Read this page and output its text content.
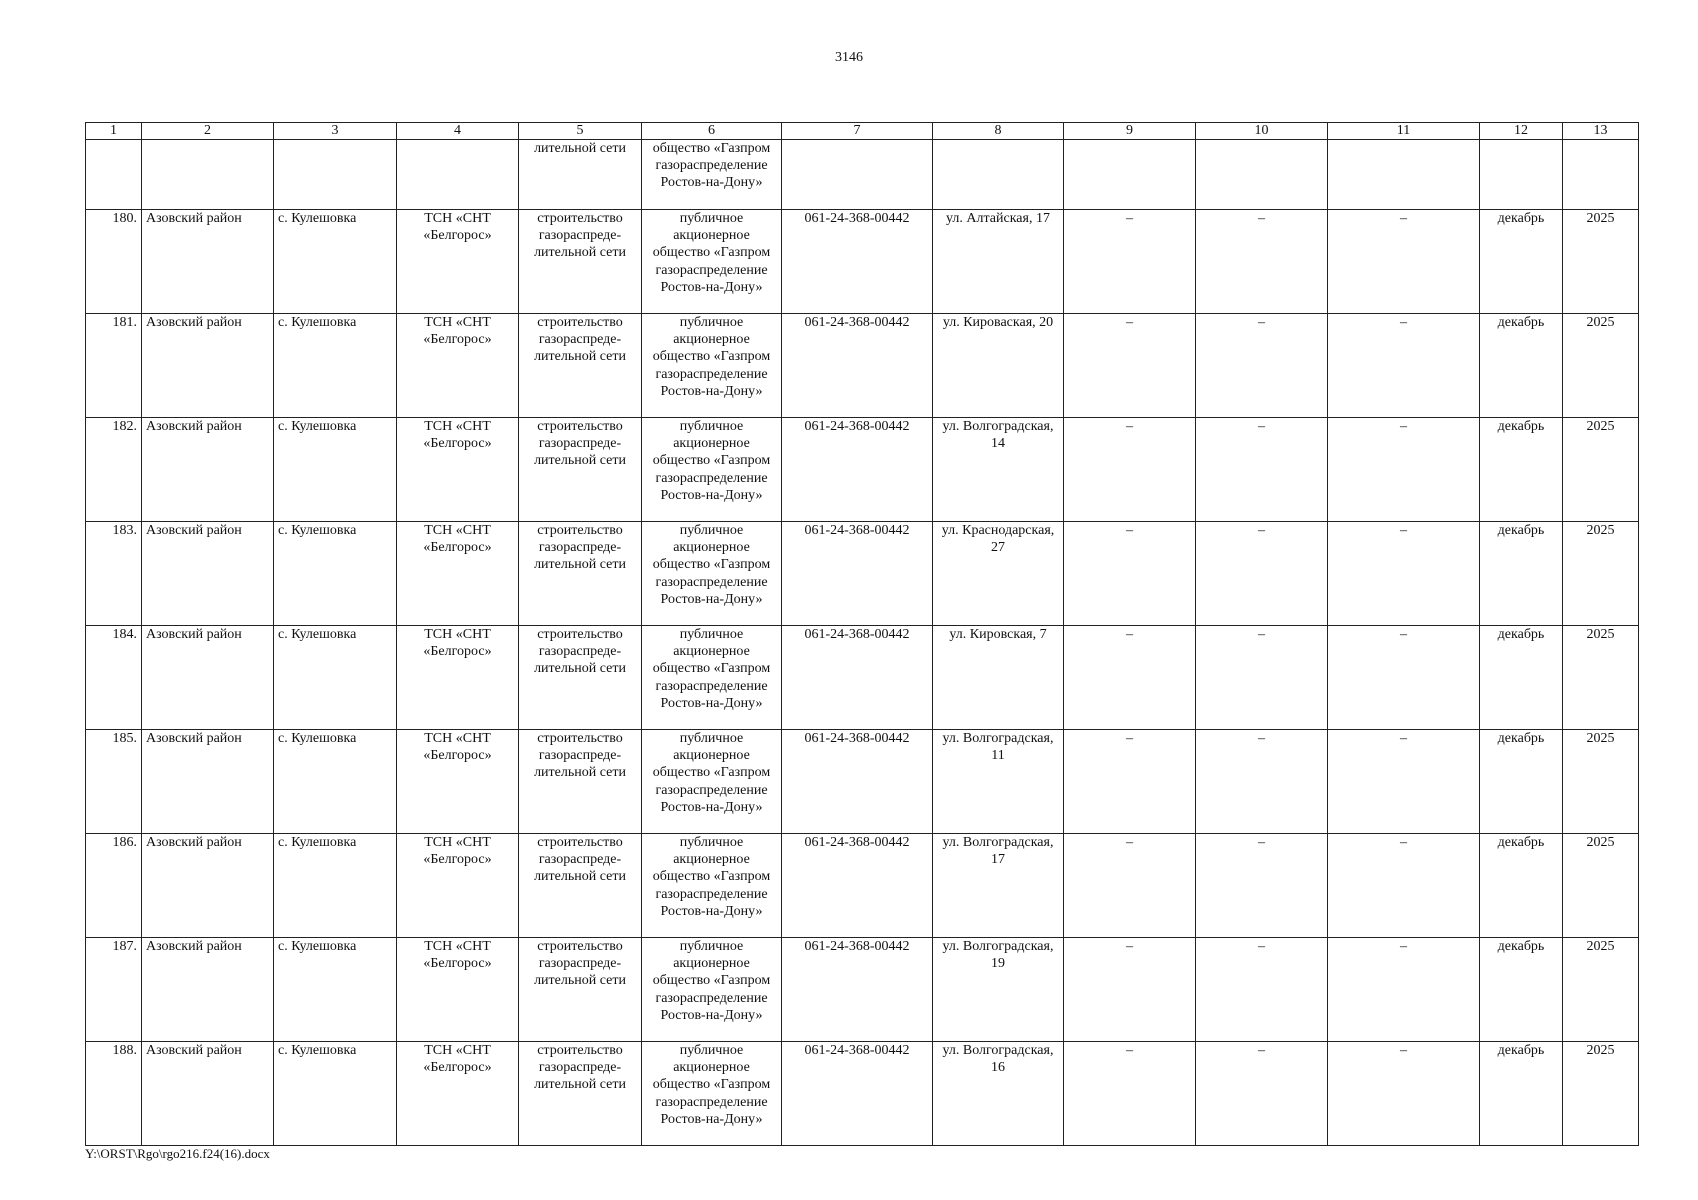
3146
1	2	3	4	5	6	7	8	9	10	11	12	13
				лительной сети	общество «Газпром газораспределение Ростов-на-Дону»							
180.	Азовский район	с. Кулешовка	ТСН «СНТ «Белгорос»	строительство газораспреде-лительной сети	публичное акционерное общество «Газпром газораспределение Ростов-на-Дону»	061-24-368-00442	ул. Алтайская, 17	–	–	–	декабрь	2025
181.	Азовский район	с. Кулешовка	ТСН «СНТ «Белгорос»	строительство газораспреде-лительной сети	публичное акционерное общество «Газпром газораспределение Ростов-на-Дону»	061-24-368-00442	ул. Кироваская, 20	–	–	–	декабрь	2025
182.	Азовский район	с. Кулешовка	ТСН «СНТ «Белгорос»	строительство газораспреде-лительной сети	публичное акционерное общество «Газпром газораспределение Ростов-на-Дону»	061-24-368-00442	ул. Волгоградская, 14	–	–	–	декабрь	2025
183.	Азовский район	с. Кулешовка	ТСН «СНТ «Белгорос»	строительство газораспреде-лительной сети	публичное акционерное общество «Газпром газораспределение Ростов-на-Дону»	061-24-368-00442	ул. Краснодарская, 27	–	–	–	декабрь	2025
184.	Азовский район	с. Кулешовка	ТСН «СНТ «Белгорос»	строительство газораспреде-лительной сети	публичное акционерное общество «Газпром газораспределение Ростов-на-Дону»	061-24-368-00442	ул. Кировская, 7	–	–	–	декабрь	2025
185.	Азовский район	с. Кулешовка	ТСН «СНТ «Белгорос»	строительство газораспреде-лительной сети	публичное акционерное общество «Газпром газораспределение Ростов-на-Дону»	061-24-368-00442	ул. Волгоградская, 11	–	–	–	декабрь	2025
186.	Азовский район	с. Кулешовка	ТСН «СНТ «Белгорос»	строительство газораспреде-лительной сети	публичное акционерное общество «Газпром газораспределение Ростов-на-Дону»	061-24-368-00442	ул. Волгоградская, 17	–	–	–	декабрь	2025
187.	Азовский район	с. Кулешовка	ТСН «СНТ «Белгорос»	строительство газораспреде-лительной сети	публичное акционерное общество «Газпром газораспределение Ростов-на-Дону»	061-24-368-00442	ул. Волгоградская, 19	–	–	–	декабрь	2025
188.	Азовский район	с. Кулешовка	ТСН «СНТ «Белгорос»	строительство газораспреде-лительной сети	публичное акционерное общество «Газпром газораспределение Ростов-на-Дону»	061-24-368-00442	ул. Волгоградская, 16	–	–	–	декабрь	2025
Y:\ORST\Rgo\rgo216.f24(16).docx
